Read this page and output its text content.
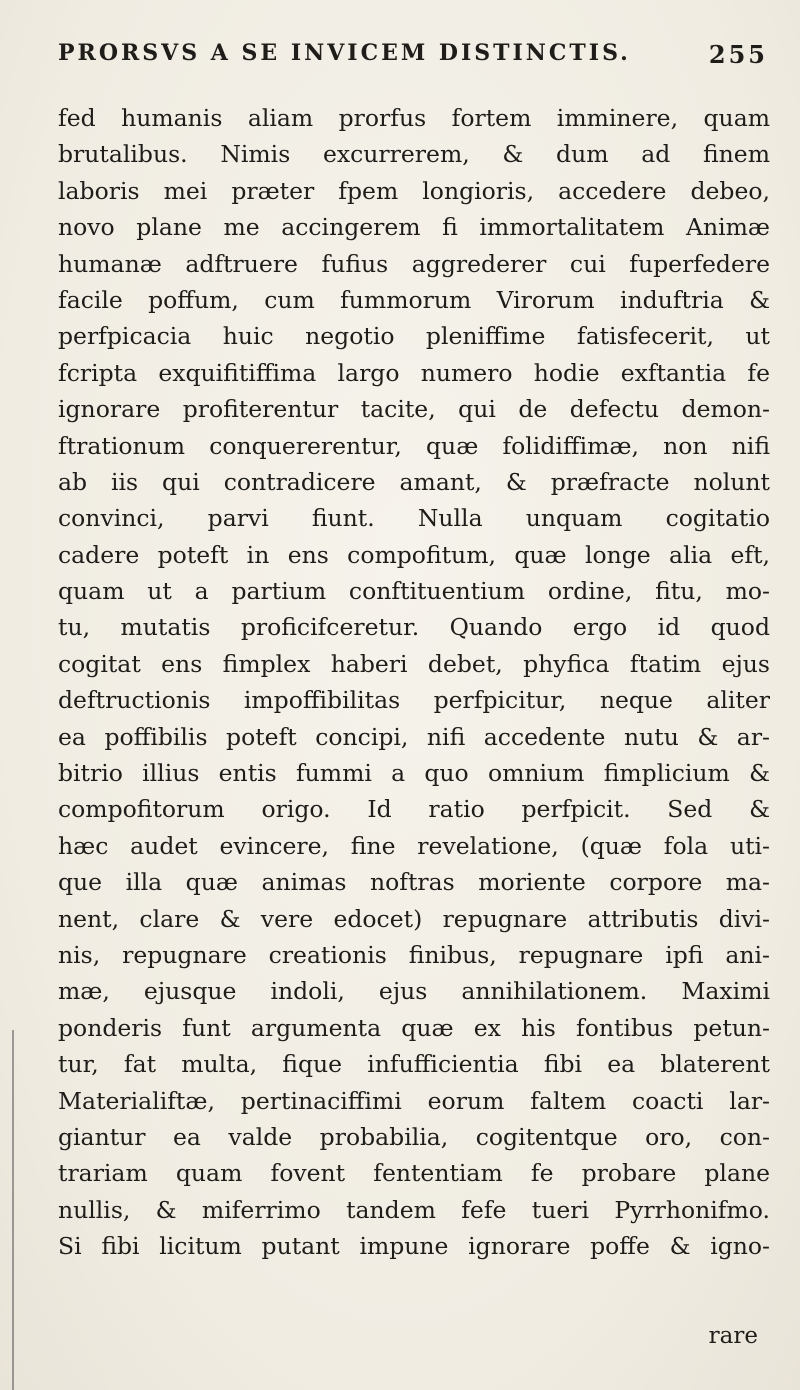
PRORSVS A SE INVICEM DISTINCTIS.	255
fed humanis aliam prorfus fortem imminere, quam
brutalibus. Nimis excurrerem, & dum ad finem
laboris mei præter fpem longioris, accedere debeo,
novo plane me accingerem fi immortalitatem Animæ
humanæ adftruere fufius aggrederer cui fuperfedere
facile poffum, cum fummorum Virorum induftria &
perfpicacia huic negotio pleniffime fatisfecerit, ut
fcripta exquifitiffima largo numero hodie exftantia fe
ignorare profiterentur tacite, qui de defectu demon-
ftrationum conquererentur, quæ folidiffimæ, non nifi
ab iis qui contradicere amant, & præfracte nolunt
convinci, parvi fiunt. Nulla unquam cogitatio
cadere poteft in ens compofitum, quæ longe alia eft,
quam ut a partium conftituentium ordine, fitu, mo-
tu, mutatis proficifceretur. Quando ergo id quod
cogitat ens fimplex haberi debet, phyfica ftatim ejus
deftructionis impoffibilitas perfpicitur, neque aliter
ea poffibilis poteft concipi, nifi accedente nutu & ar-
bitrio illius entis fummi a quo omnium fimplicium &
compofitorum origo. Id ratio perfpicit. Sed &
hæc audet evincere, fine revelatione, (quæ fola uti-
que illa quæ animas noftras moriente corpore ma-
nent, clare & vere edocet) repugnare attributis divi-
nis, repugnare creationis finibus, repugnare ipfi ani-
mæ, ejusque indoli, ejus annihilationem. Maximi
ponderis funt argumenta quæ ex his fontibus petun-
tur, fat multa, fique infufficientia fibi ea blaterent
Materialiftæ, pertinaciffimi eorum faltem coacti lar-
giantur ea valde probabilia, cogitentque oro, con-
trariam quam fovent fententiam fe probare plane
nullis, & miferrimo tandem fefe tueri Pyrrhonifmo.
Si fibi licitum putant impune ignorare poffe & igno-
rare
